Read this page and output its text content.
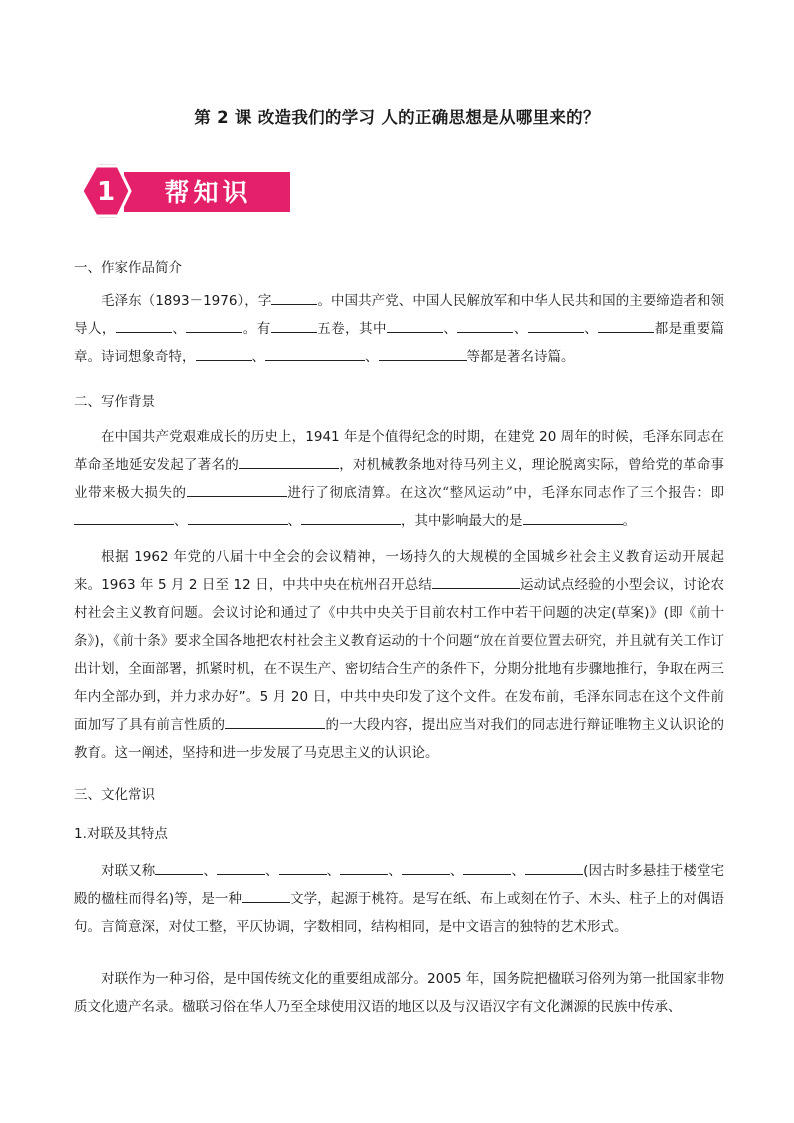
第 2 课 改造我们的学习 人的正确思想是从哪里来的？
1 帮知识
一、作家作品简介
毛泽东（1893－1976），字	。中国共产党、中国人民解放军和中华人民共和国的主要缔造者和领导人，	、	。有	五卷，其中	、	、	、	都是重要篇章。诗词想象奇特，	、	、	等都是著名诗篇。
二、写作背景
在中国共产党艰难成长的历史上，1941 年是个值得纪念的时期，在建党 20 周年的时候，毛泽东同志在革命圣地延安发起了著名的	，对机械教条地对待马列主义，理论脱离实际，曾给党的革命事业带来极大损失的	进行了彻底清算。在这次“整风运动”中，毛泽东同志作了三个报告：即、	、	，其中影响最大的是	。
根据 1962 年党的八届十中全会的会议精神，一场持久的大规模的全国城乡社会主义教育运动开展起来。1963 年 5 月 2 日至 12 日，中共中央在杭州召开总结	运动试点经验的小型会议，讨论农村社会主义教育问题。会议讨论和通过了《中共中央关于目前农村工作中若干问题的决定(草案)》(即《前十条》)，《前十条》要求全国各地把农村社会主义教育运动的十个问题“放在首要位置去研究，并且就有关工作订出计划，全面部署，抓紧时机，在不误生产、密切结合生产的条件下，分期分批地有步骤地推行，争取在两三年内全部办到，并力求办好”。5 月 20 日，中共中央印发了这个文件。在发布前，毛泽东同志在这个文件前面加写了具有前言性质的	的一大段内容，提出应当对我们的同志进行辩证唯物主义认识论的教育。这一阐述，坚持和进一步发展了马克思主义的认识论。
三、文化常识
1.对联及其特点
对联又称	、	、	、	、	、	、	(因古时多悬挂于楼堂宅殿的楹柱而得名)等，是一种	文学，起源于桃符。是写在纸、布上或刻在竹子、木头、柱子上的对偶语句。言简意深，对仗工整，平仄协调，字数相同，结构相同，是中文语言的独特的艺术形式。
对联作为一种习俗，是中国传统文化的重要组成部分。2005 年，国务院把楹联习俗列为第一批国家非物质文化遗产名录。楹联习俗在华人乃至全球使用汉语的地区以及与汉语汉字有文化渊源的民族中传承、
